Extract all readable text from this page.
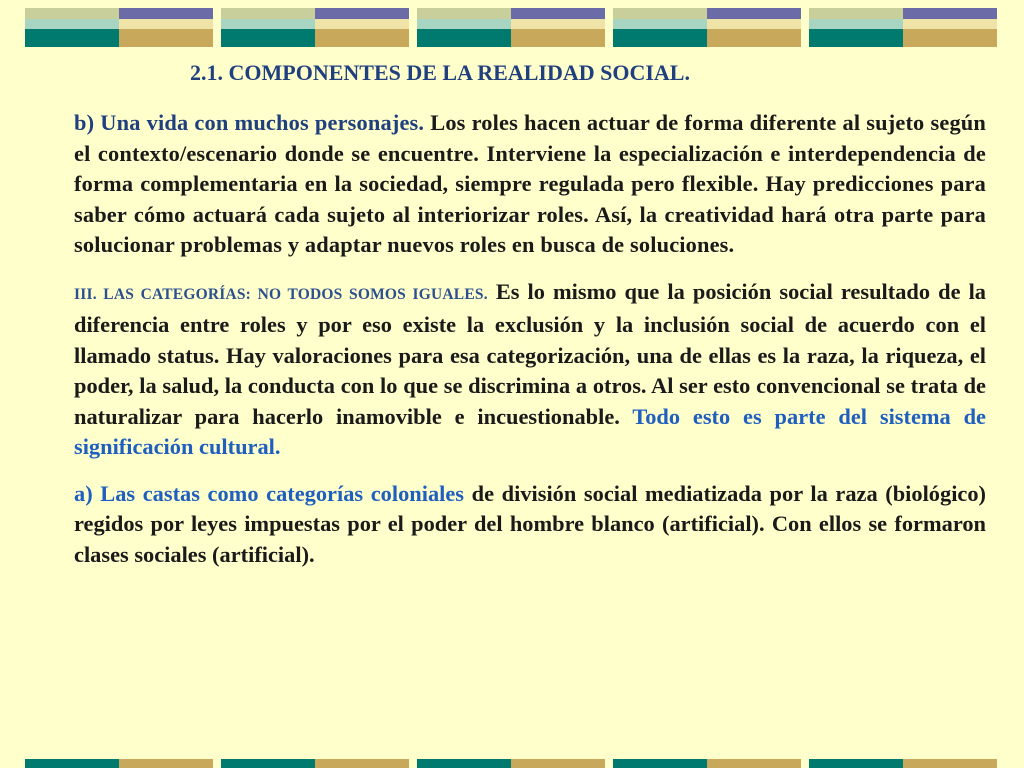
2.1. COMPONENTES DE LA REALIDAD SOCIAL.

b) Una vida con muchos personajes. Los roles hacen actuar de forma diferente al sujeto según el contexto/escenario donde se encuentre. Interviene la especialización e interdependencia de forma complementaria en la sociedad, siempre regulada pero flexible. Hay predicciones para saber cómo actuará cada sujeto al interiorizar roles. Así, la creatividad hará otra parte para solucionar problemas y adaptar nuevos roles en busca de soluciones.

III. LAS CATEGORÍAS: NO TODOS SOMOS IGUALES. Es lo mismo que la posición social resultado de la diferencia entre roles y por eso existe la exclusión y la inclusión social de acuerdo con el llamado status. Hay valoraciones para esa categorización, una de ellas es la raza, la riqueza, el poder, la salud, la conducta con lo que se discrimina a otros. Al ser esto convencional se trata de naturalizar para hacerlo inamovible e incuestionable. Todo esto es parte del sistema de significación cultural.

a) Las castas como categorías coloniales de división social mediatizada por la raza (biológico) regidos por leyes impuestas por el poder del hombre blanco (artificial). Con ellos se formaron clases sociales (artificial).
